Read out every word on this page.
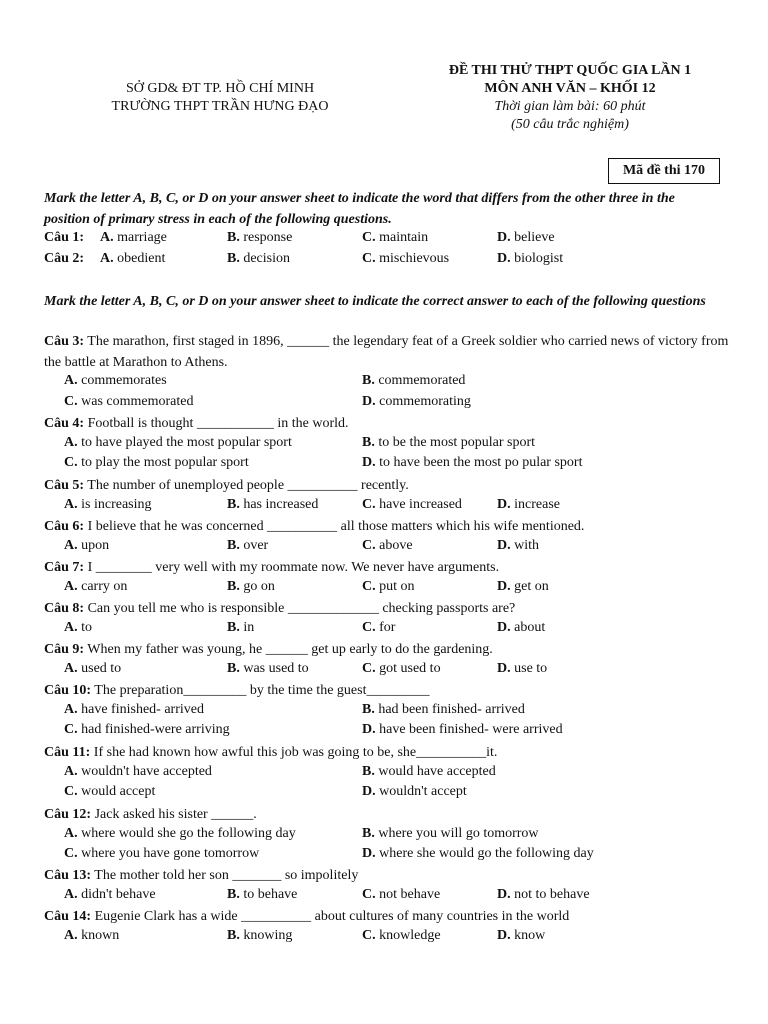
SỞ GD& ĐT TP. HỒ CHÍ MINH
TRƯỜNG THPT TRẦN HƯNG ĐẠO
ĐỀ THI THỬ THPT QUỐC GIA LẦN 1
MÔN ANH VĂN – KHỐI 12
Thời gian làm bài: 60 phút
(50 câu trắc nghiệm)
Mã đề thi 170
Mark the letter A, B, C, or D on your answer sheet to indicate the word that differs from the other three in the position of primary stress in each of the following questions.
Câu 1: A. marriage	B. response	C. maintain	D. believe
Câu 2: A. obedient	B. decision	C. mischievous	D. biologist
Mark the letter A, B, C, or D on your answer sheet to indicate the correct answer to each of the following questions
Câu 3: The marathon, first staged in 1896, ______ the legendary feat of a Greek soldier who carried news of victory from the battle at Marathon to Athens.
A. commemorates	B. commemorated
C. was commemorated	D. commemorating
Câu 4: Football is thought ___________ in the world.
A. to have played the most popular sport	B. to be the most popular sport
C. to play the most popular sport	D. to have been the most po pular sport
Câu 5: The number of unemployed people __________ recently.
A. is increasing	B. has increased	C. have increased	D. increase
Câu 6: I believe that he was concerned __________ all those matters which his wife mentioned.
A. upon	B. over	C. above	D. with
Câu 7: I ________ very well with my roommate now. We never have arguments.
A. carry on	B. go on	C. put on	D. get on
Câu 8: Can you tell me who is responsible _____________ checking passports are?
A. to	B. in	C. for	D. about
Câu 9: When my father was young, he ______ get up early to do the gardening.
A. used to	B. was used to	C. got used to	D. use to
Câu 10: The preparation_________ by the time the guest_________
A. have finished- arrived	B. had been finished- arrived
C. had finished-were arriving	D. have been finished- were arrived
Câu 11: If she had known how awful this job was going to be, she__________it.
A. wouldn't have accepted	B. would have accepted
C. would accept	D. wouldn't accept
Câu 12: Jack asked his sister ______.
A. where would she go the following day	B. where you will go tomorrow
C. where you have gone tomorrow	D. where she would go the following day
Câu 13: The mother told her son _______ so impolitely
A. didn't behave	B. to behave	C. not behave	D. not to behave
Câu 14: Eugenie Clark has a wide __________ about cultures of many countries in the world
A. known	B. knowing	C. knowledge	D. know
